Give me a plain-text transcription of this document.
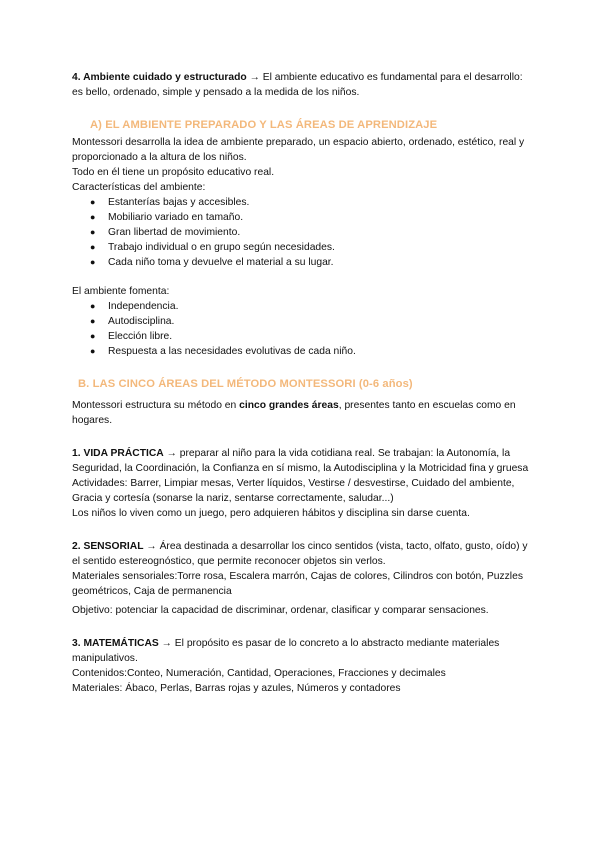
4. Ambiente cuidado y estructurado → El ambiente educativo es fundamental para el desarrollo: es bello, ordenado, simple y pensado a la medida de los niños.

A) EL AMBIENTE PREPARADO Y LAS ÁREAS DE APRENDIZAJE

Montessori desarrolla la idea de ambiente preparado, un espacio abierto, ordenado, estético, real y proporcionado a la altura de los niños.

Todo en él tiene un propósito educativo real.

Características del ambiente:

● Estanterías bajas y accesibles.
● Mobiliario variado en tamaño.
● Gran libertad de movimiento.
● Trabajo individual o en grupo según necesidades.
● Cada niño toma y devuelve el material a su lugar.

El ambiente fomenta:

● Independencia.
● Autodisciplina.
● Elección libre.
● Respuesta a las necesidades evolutivas de cada niño.

B. LAS CINCO ÁREAS DEL MÉTODO MONTESSORI (0-6 años)

Montessori estructura su método en cinco grandes áreas, presentes tanto en escuelas como en hogares.

1. VIDA PRÁCTICA → preparar al niño para la vida cotidiana real. Se trabajan: la Autonomía, la Seguridad, la Coordinación, la Confianza en sí mismo, la Autodisciplina y la Motricidad fina y gruesa

Actividades: Barrer, Limpiar mesas, Verter líquidos, Vestirse / desvestirse, Cuidado del ambiente, Gracia y cortesía (sonarse la nariz, sentarse correctamente, saludar...)

Los niños lo viven como un juego, pero adquieren hábitos y disciplina sin darse cuenta.

2. SENSORIAL → Área destinada a desarrollar los cinco sentidos (vista, tacto, olfato, gusto, oído) y el sentido estereognóstico, que permite reconocer objetos sin verlos.

Materiales sensoriales:Torre rosa, Escalera marrón, Cajas de colores, Cilindros con botón, Puzzles geométricos, Caja de permanencia

Objetivo: potenciar la capacidad de discriminar, ordenar, clasificar y comparar sensaciones.

3. MATEMÁTICAS → El propósito es pasar de lo concreto a lo abstracto mediante materiales manipulativos.

Contenidos:Conteo, Numeración, Cantidad, Operaciones, Fracciones y decimales

Materiales: Ábaco, Perlas, Barras rojas y azules, Números y contadores
